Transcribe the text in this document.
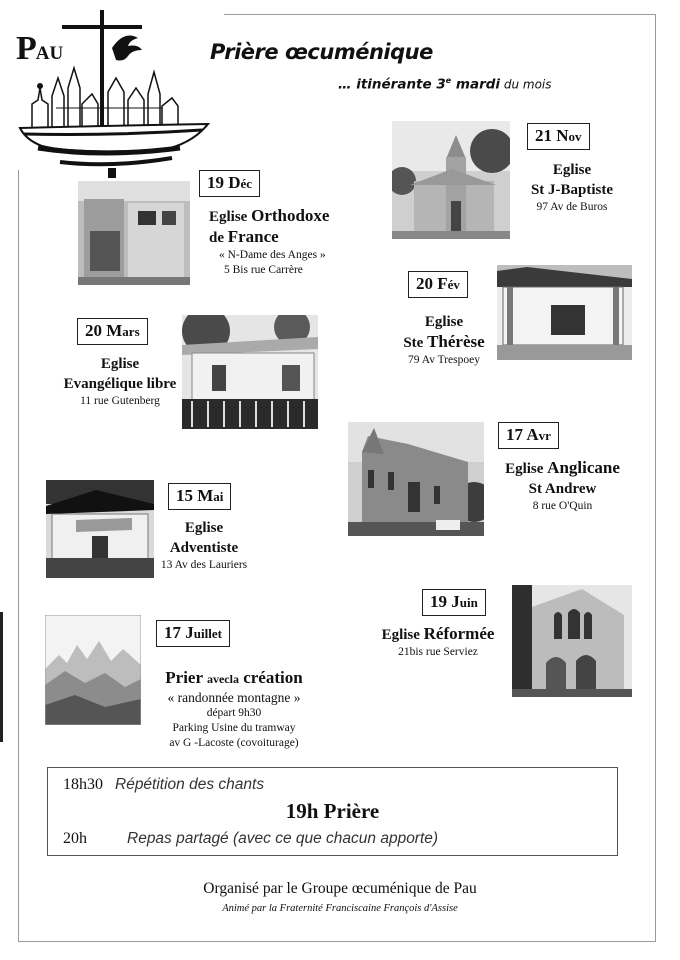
PAU	Prière œcuménique
… itinérante 3e mardi du mois
21 Nov
Eglise
St J-Baptiste
97 Av de Buros
19 Déc
Eglise Orthodoxe
de France
« N-Dame des Anges »
5 Bis rue Carrère
20 Fév
Eglise
Ste Thérèse
79 Av Trespoey
20 Mars
Eglise
Evangélique libre
11 rue Gutenberg
17 Avr
Eglise Anglicane
St Andrew
8 rue O'Quin
15 Mai
Eglise
Adventiste
13 Av des Lauriers
19 Juin
Eglise Réformée
21bis rue Serviez
17 Juillet
Prier avecla création
« randonnée montagne »
départ 9h30
Parking Usine du tramway
av G -Lacoste (covoiturage)
18h30 Répétition des chants
19h Prière
20h	Repas partagé (avec ce que chacun apporte)
Organisé par le Groupe œcuménique de Pau
Animé par la Fraternité Franciscaine François d'Assise
